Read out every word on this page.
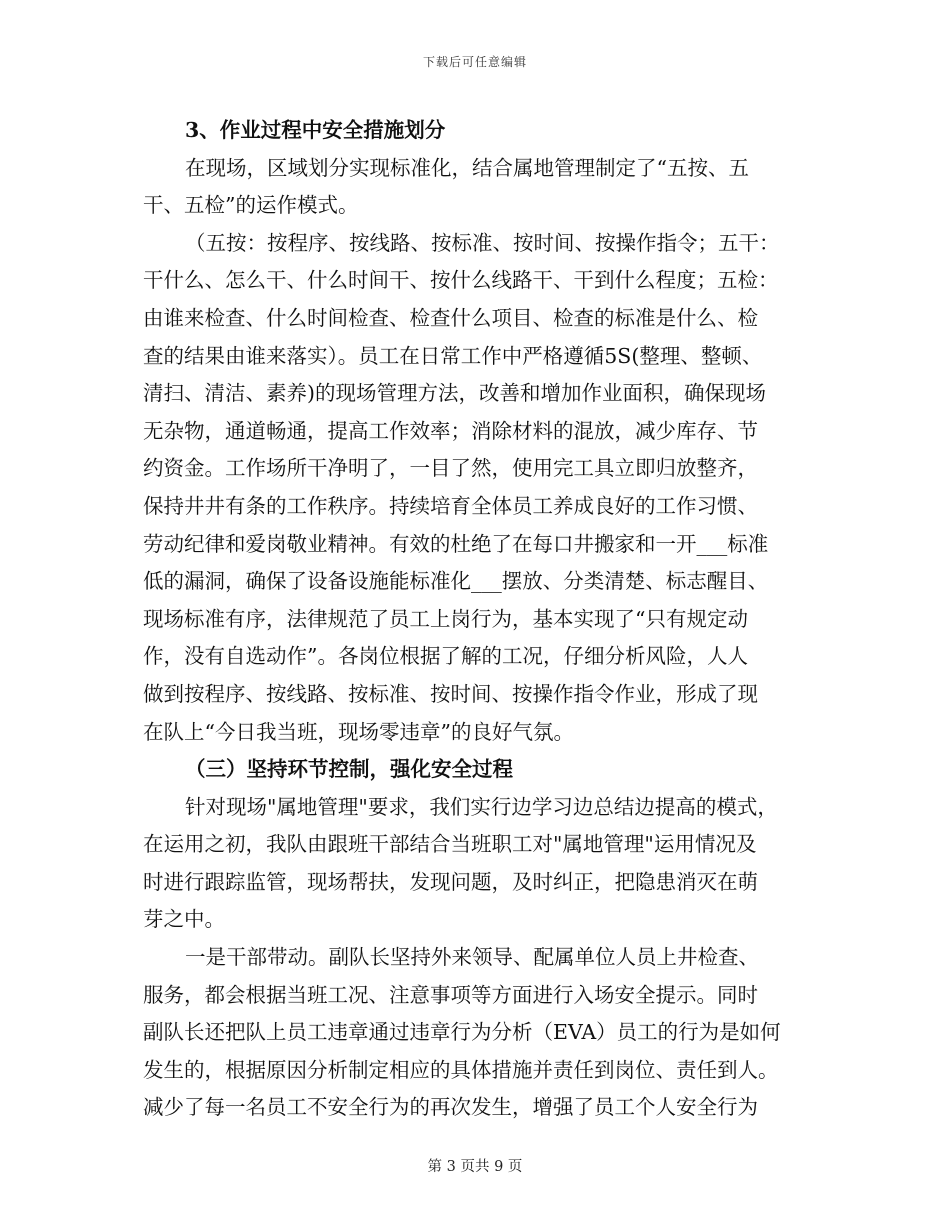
下载后可任意编辑
3、作业过程中安全措施划分
在现场，区域划分实现标准化，结合属地管理制定了“五按、五
干、五检”的运作模式。
（五按：按程序、按线路、按标准、按时间、按操作指令；五干：
干什么、怎么干、什么时间干、按什么线路干、干到什么程度；五检：
由谁来检查、什么时间检查、检查什么项目、检查的标准是什么、检
查的结果由谁来落实）。员工在日常工作中严格遵循5S(整理、整顿、
清扫、清洁、素养)的现场管理方法，改善和增加作业面积，确保现场
无杂物，通道畅通，提高工作效率；消除材料的混放，减少库存、节
约资金。工作场所干净明了，一目了然，使用完工具立即归放整齐，
保持井井有条的工作秩序。持续培育全体员工养成良好的工作习惯、
劳动纪律和爱岗敬业精神。有效的杜绝了在每口井搬家和一开___标准
低的漏洞，确保了设备设施能标准化___摆放、分类清楚、标志醒目、
现场标准有序，法律规范了员工上岗行为，基本实现了“只有规定动
作，没有自选动作”。各岗位根据了解的工况，仔细分析风险，人人
做到按程序、按线路、按标准、按时间、按操作指令作业，形成了现
在队上“今日我当班，现场零违章”的良好气氛。
（三）坚持环节控制，强化安全过程
针对现场"属地管理"要求，我们实行边学习边总结边提高的模式，
在运用之初，我队由跟班干部结合当班职工对"属地管理"运用情况及
时进行跟踪监管，现场帮扶，发现问题，及时纠正，把隐患消灭在萌
芽之中。
一是干部带动。副队长坚持外来领导、配属单位人员上井检查、
服务，都会根据当班工况、注意事项等方面进行入场安全提示。同时
副队长还把队上员工违章通过违章行为分析（EVA）员工的行为是如何
发生的，根据原因分析制定相应的具体措施并责任到岗位、责任到人。
减少了每一名员工不安全行为的再次发生，增强了员工个人安全行为
第 3 页共 9 页
